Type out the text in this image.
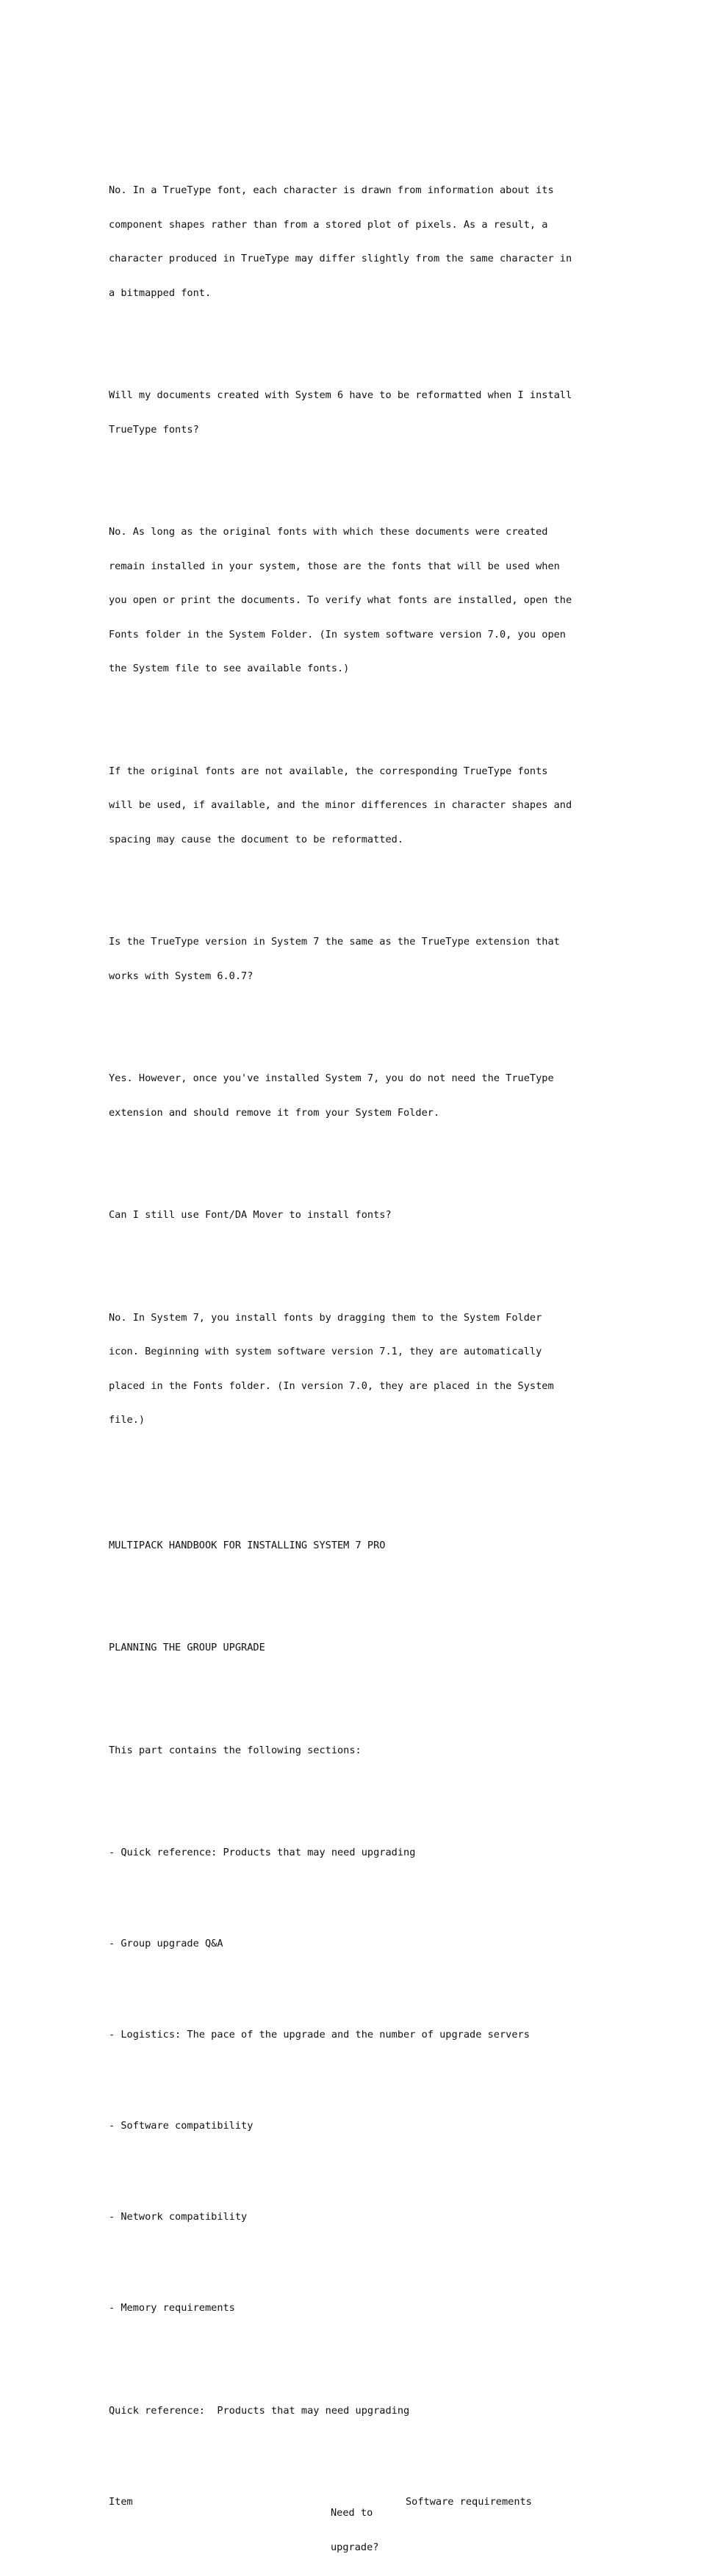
No. In a TrueType font, each character is drawn from information about its

component shapes rather than from a stored plot of pixels. As a result, a

character produced in TrueType may differ slightly from the same character in

a bitmapped font.

Will my documents created with System 6 have to be reformatted when I install

TrueType fonts?

No. As long as the original fonts with which these documents were created

remain installed in your system, those are the fonts that will be used when

you open or print the documents. To verify what fonts are installed, open the

Fonts folder in the System Folder. (In system software version 7.0, you open

the System file to see available fonts.)

If the original fonts are not available, the corresponding TrueType fonts

will be used, if available, and the minor differences in character shapes and

spacing may cause the document to be reformatted.

Is the TrueType version in System 7 the same as the TrueType extension that

works with System 6.0.7?

Yes. However, once you've installed System 7, you do not need the TrueType

extension and should remove it from your System Folder.

Can I still use Font/DA Mover to install fonts?

No. In System 7, you install fonts by dragging them to the System Folder

icon. Beginning with system software version 7.1, they are automatically

placed in the Fonts folder. (In version 7.0, they are placed in the System

file.)

MULTIPACK HANDBOOK FOR INSTALLING SYSTEM 7 PRO

PLANNING THE GROUP UPGRADE

This part contains the following sections:

- Quick reference: Products that may need upgrading

- Group upgrade Q&A

- Logistics: The pace of the upgrade and the number of upgrade servers

- Software compatibility

- Network compatibility

- Memory requirements

Quick reference:  Products that may need upgrading

Item

Need to

upgrade?

Software requirements
